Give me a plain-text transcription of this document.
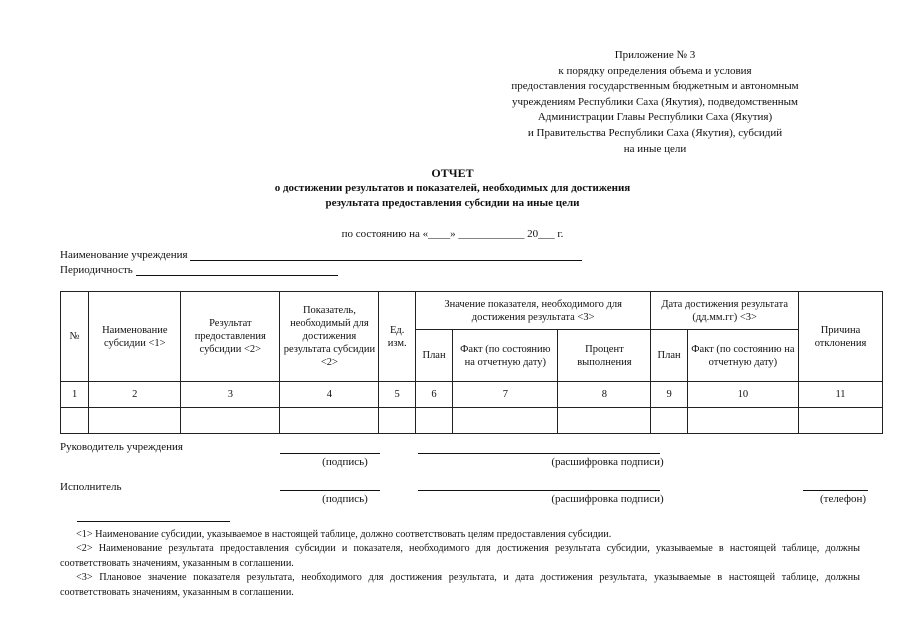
Приложение № 3
к порядку определения объема и условия
предоставления государственным бюджетным и автономным
учреждениям Республики Саха (Якутия), подведомственным
Администрации Главы Республики Саха (Якутия)
и Правительства Республики Саха (Якутия), субсидий
на иные цели
ОТЧЕТ
о достижении результатов и показателей, необходимых для достижения
результата предоставления субсидии на иные цели
по состоянию на «____» ____________ 20___ г.
Наименование учреждения
Периодичность
№	Наименование субсидии <1>	Результат предоставления субсидии <2>	Показатель, необходимый для достижения результата субсидии <2>	Ед. изм.	Значение показателя, необходимого для достижения результата <3>			Дата достижения результата (дд.мм.гг) <3>		Причина отклонения
					План	Факт (по состоянию на отчетную дату)	Процент выполнения	План	Факт (по состоянию на отчетную дату)	
1	2	3	4	5	6	7	8	9	10	11

Руководитель учреждения
(подпись)	(расшифровка подписи)
Исполнитель
(подпись)	(расшифровка подписи)	(телефон)

<1> Наименование субсидии, указываемое в настоящей таблице, должно соответствовать целям предоставления субсидии.

<2> Наименование результата предоставления субсидии и показателя, необходимого для достижения результата субсидии, указываемые в настоящей таблице, должны соответствовать значениям, указанным в соглашении.

<3> Плановое значение показателя результата, необходимого для достижения результата, и дата достижения результата, указываемые в настоящей таблице, должны соответствовать значениям, указанным в соглашении.
